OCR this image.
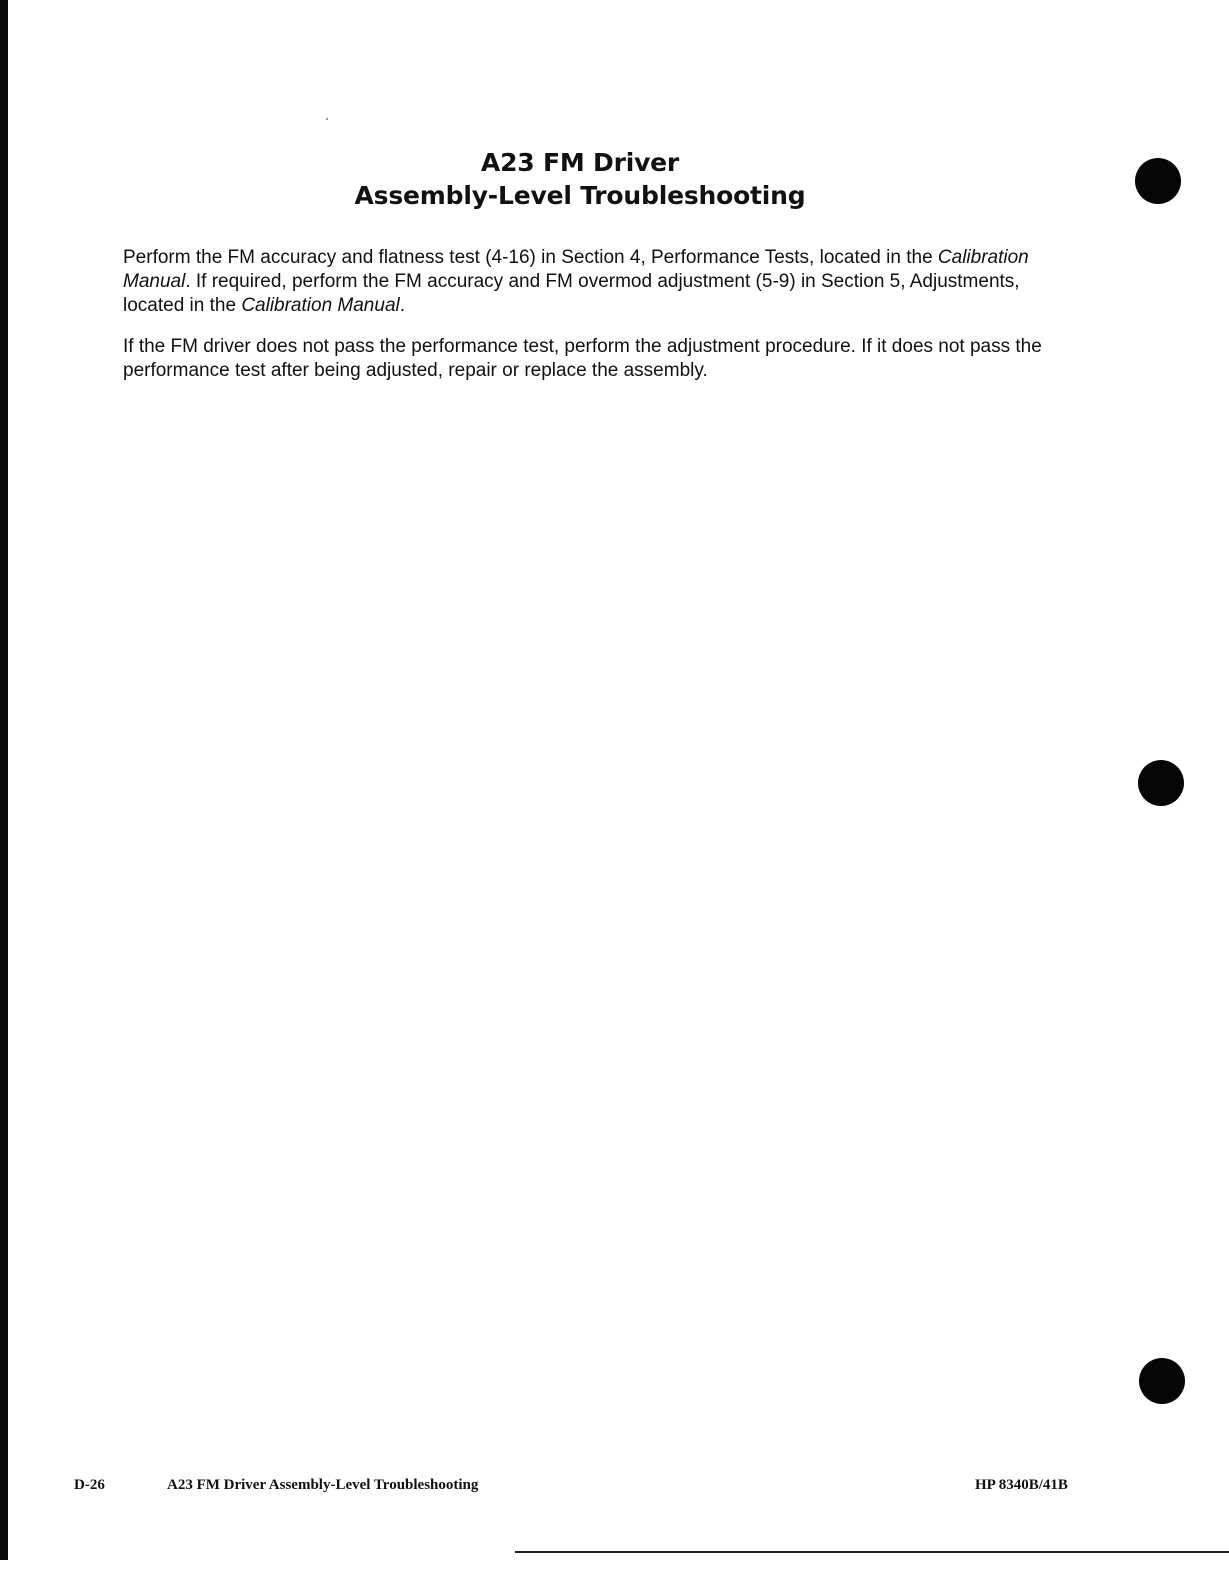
A23 FM Driver
Assembly-Level Troubleshooting

Perform the FM accuracy and flatness test (4-16) in Section 4, Performance Tests, located in the Calibration Manual. If required, perform the FM accuracy and FM overmod adjustment (5-9) in Section 5, Adjustments, located in the Calibration Manual.

If the FM driver does not pass the performance test, perform the adjustment procedure. If it does not pass the performance test after being adjusted, repair or replace the assembly.

D-26	A23 FM Driver Assembly-Level Troubleshooting	HP 8340B/41B
